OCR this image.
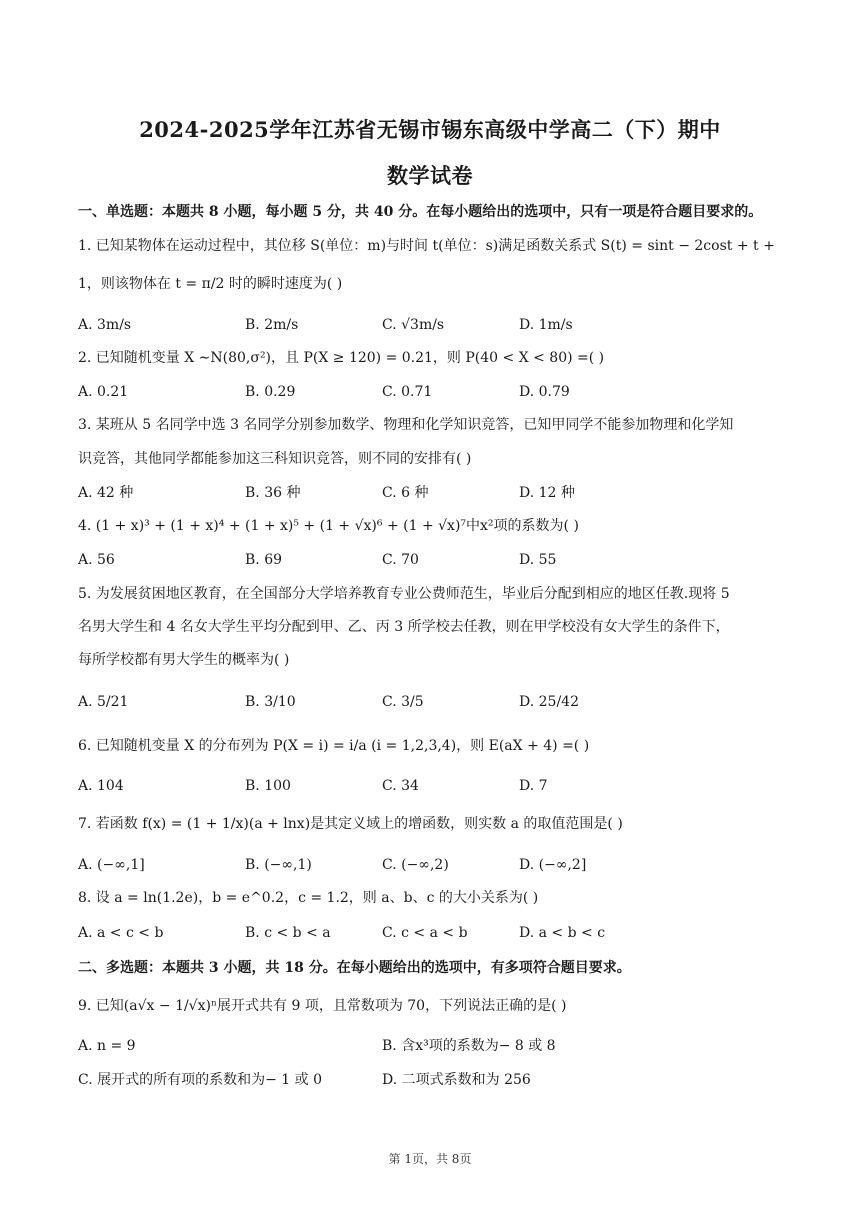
2024-2025学年江苏省无锡市锡东高级中学高二（下）期中
数学试卷
一、单选题：本题共 8 小题，每小题 5 分，共 40 分。在每小题给出的选项中，只有一项是符合题目要求的。
1. 已知某物体在运动过程中，其位移 S(单位：m)与时间 t(单位：s)满足函数关系式 S(t) = sint − 2cost + t +
1，则该物体在 t = π/2 时的瞬时速度为( )
A. 3m/s	B. 2m/s	C. √3m/s	D. 1m/s
2. 已知随机变量 X ∼N(80,σ²)，且 P(X ≥ 120) = 0.21，则 P(40 < X < 80) =( )
A. 0.21	B. 0.29	C. 0.71	D. 0.79
3. 某班从 5 名同学中选 3 名同学分别参加数学、物理和化学知识竞答，已知甲同学不能参加物理和化学知
识竞答，其他同学都能参加这三科知识竞答，则不同的安排有( )
A. 42 种	B. 36 种	C. 6 种	D. 12 种
4. (1 + x)³ + (1 + x)⁴ + (1 + x)⁵ + (1 + √x)⁶ + (1 + √x)⁷中x²项的系数为( )
A. 56	B. 69	C. 70	D. 55
5. 为发展贫困地区教育，在全国部分大学培养教育专业公费师范生，毕业后分配到相应的地区任教.现将 5
名男大学生和 4 名女大学生平均分配到甲、乙、丙 3 所学校去任教，则在甲学校没有女大学生的条件下，
每所学校都有男大学生的概率为( )
A. 5/21	B. 3/10	C. 3/5	D. 25/42
6. 已知随机变量 X 的分布列为 P(X = i) = i/a (i = 1,2,3,4)，则 E(aX + 4) =( )
A. 104	B. 100	C. 34	D. 7
7. 若函数 f(x) = (1 + 1/x)(a + lnx)是其定义域上的增函数，则实数 a 的取值范围是( )
A. (−∞,1]	B. (−∞,1)	C. (−∞,2)	D. (−∞,2]
8. 设 a = ln(1.2e)，b = e^0.2，c = 1.2，则 a、b、c 的大小关系为( )
A. a < c < b	B. c < b < a	C. c < a < b	D. a < b < c
二、多选题：本题共 3 小题，共 18 分。在每小题给出的选项中，有多项符合题目要求。
9. 已知(a√x − 1/√x)ⁿ展开式共有 9 项，且常数项为 70，下列说法正确的是( )
A. n = 9	B. 含x³项的系数为− 8 或 8
C. 展开式的所有项的系数和为− 1 或 0	D. 二项式系数和为 256
第 1页，共 8页
